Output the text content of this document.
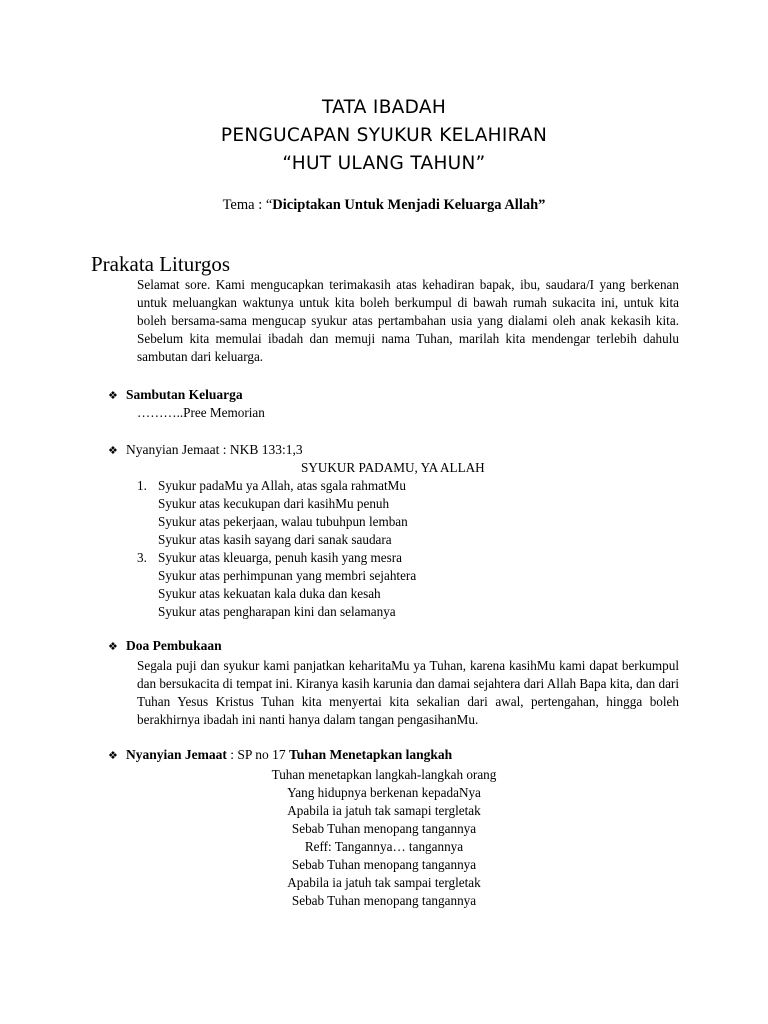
TATA IBADAH
PENGUCAPAN SYUKUR KELAHIRAN
“HUT ULANG TAHUN”
Tema : “Diciptakan Untuk Menjadi Keluarga Allah”
Prakata Liturgos
Selamat sore. Kami mengucapkan terimakasih atas kehadiran bapak, ibu, saudara/I yang berkenan untuk meluangkan waktunya untuk kita boleh berkumpul di bawah rumah sukacita ini, untuk kita boleh bersama-sama mengucap syukur atas pertambahan usia yang dialami oleh anak kekasih kita. Sebelum kita memulai ibadah dan memuji nama Tuhan, marilah kita mendengar terlebih dahulu sambutan dari keluarga.
❖Sambutan Keluarga
………..Pree Memorian
❖Nyanyian Jemaat : NKB 133:1,3
SYUKUR PADAMU, YA ALLAH
1. Syukur padaMu ya Allah, atas sgala rahmatMu
Syukur atas kecukupan dari kasihMu penuh
Syukur atas pekerjaan, walau tubuhpun lemban
Syukur atas kasih sayang dari sanak saudara
3. Syukur atas kleuarga, penuh kasih yang mesra
Syukur atas perhimpunan yang membri sejahtera
Syukur atas kekuatan kala duka dan kesah
Syukur atas pengharapan kini dan selamanya
❖Doa Pembukaan
Segala puji dan syukur kami panjatkan keharitaMu ya Tuhan, karena kasihMu kami dapat berkumpul dan bersukacita di tempat ini. Kiranya kasih karunia dan damai sejahtera dari Allah Bapa kita, dan dari Tuhan Yesus Kristus Tuhan kita menyertai kita sekalian dari awal, pertengahan, hingga boleh berakhirnya ibadah ini nanti hanya dalam tangan pengasihanMu.
❖Nyanyian Jemaat : SP no 17 Tuhan Menetapkan langkah
Tuhan menetapkan langkah-langkah orang
Yang hidupnya berkenan kepadaNya
Apabila ia jatuh tak samapi tergletak
Sebab Tuhan menopang tangannya
Reff: Tangannya… tangannya
Sebab Tuhan menopang tangannya
Apabila ia jatuh tak sampai tergletak
Sebab Tuhan menopang tangannya
